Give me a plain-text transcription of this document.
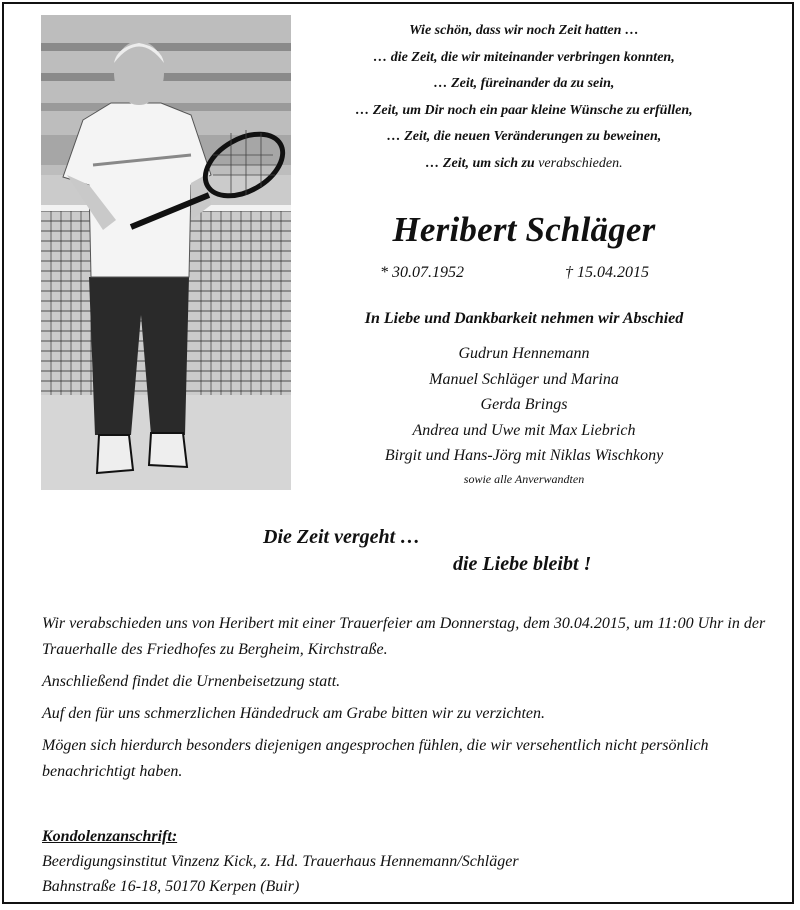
Wie schön, dass wir noch Zeit hatten …
… die Zeit, die wir miteinander verbringen konnten,
… Zeit, füreinander da zu sein,
… Zeit, um Dir noch ein paar kleine Wünsche zu erfüllen,
… Zeit, die neuen Veränderungen zu beweinen,
… Zeit, um sich zu verabschieden.
Heribert Schläger
* 30.07.1952	† 15.04.2015
In Liebe und Dankbarkeit nehmen wir Abschied
Gudrun Hennemann
Manuel Schläger und Marina
Gerda Brings
Andrea und Uwe mit Max Liebrich
Birgit und Hans-Jörg mit Niklas Wischkony
sowie alle Anverwandten
Die Zeit vergeht …
die Liebe bleibt !

Wir verabschieden uns von Heribert mit einer Trauerfeier am Donnerstag, dem 30.04.2015, um 11:00 Uhr in der Trauerhalle des Friedhofes zu Bergheim, Kirchstraße.

Anschließend findet die Urnenbeisetzung statt.

Auf den für uns schmerzlichen Händedruck am Grabe bitten wir zu verzichten.

Mögen sich hierdurch besonders diejenigen angesprochen fühlen, die wir versehentlich nicht persönlich benachrichtigt haben.

Kondolenzanschrift:
Beerdigungsinstitut Vinzenz Kick, z. Hd. Trauerhaus Hennemann/Schläger
Bahnstraße 16-18, 50170 Kerpen (Buir)
